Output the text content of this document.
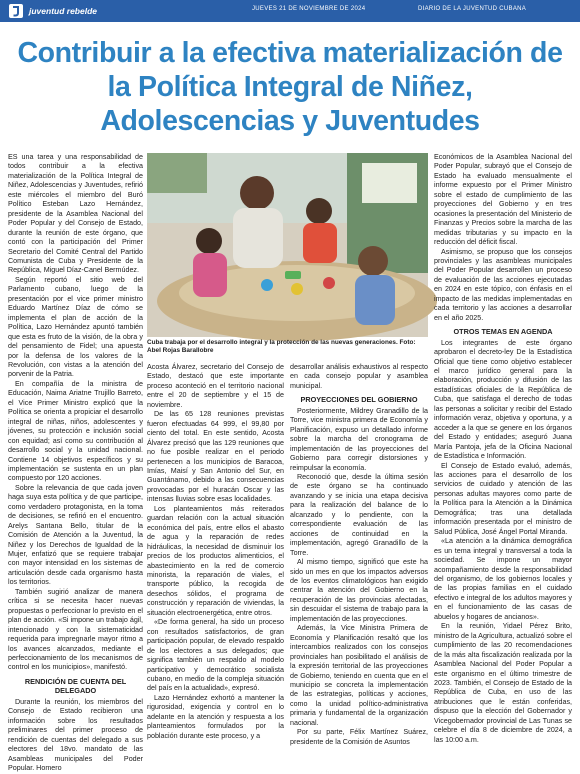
juventud rebelde	JUEVES 21 DE NOVIEMBRE DE 2024	DIARIO DE LA JUVENTUD CUBANA
Contribuir a la efectiva materialización de la Política Integral de Niñez, Adolescencias y Juventudes

ES una tarea y una responsabilidad de todos contribuir a la efectiva materialización de la Política Integral de Niñez, Adolescencias y Juventudes, refirió este miércoles el miembro del Buró Político Esteban Lazo Hernández, presidente de la Asamblea Nacional del Poder Popular y del Consejo de Estado, durante la reunión de este órgano, que contó con la participación del Primer Secretario del Comité Central del Partido Comunista de Cuba y Presidente de la República, Miguel Díaz-Canel Bermúdez.

Según reportó el sitio web del Parlamento cubano, luego de la presentación por el vice primer ministro Eduardo Martínez Díaz de cómo se implementa el plan de acción de la Política, Lazo Hernández apuntó también que esta es fruto de la visión, de la obra y del pensamiento de Fidel; una apuesta por la defensa de los valores de la Revolución, con vistas a la atención del porvenir de la Patria.

En compañía de la ministra de Educación, Naima Ariatne Trujillo Barreto, el Vice Primer Ministro explicó que la Política se orienta a propiciar el desarrollo integral de niñas, niños, adolescentes y jóvenes, su protección e inclusión social con equidad; así como su contribución al desarrollo social y la unidad nacional. Contiene 14 objetivos específicos y su implementación se sustenta en un plan compuesto por 120 acciones.

Sobre la relevancia de que cada joven haga suya esta política y de que participe, como verdadero protagonista, en la toma de decisiones, se refirió en el encuentro. Arelys Santana Bello, titular de la Comisión de Atención a la Juventud, la Niñez y los Derechos de Igualdad de la Mujer, enfatizó que se requiere trabajar con mayor intensidad en los sistemas de articulación desde cada organismo hasta los territorios.

También sugirió analizar de manera crítica si se necesita hacer nuevas propuestas o perfeccionar lo previsto en el plan de acción. «Si impone un trabajo ágil, intencionado y con la sistematicidad requerida para impregnarle mayor ritmo a los avances alcanzados, mediante el perfeccionamiento de los mecanismos de control en los municipios», manifestó.

RENDICIÓN DE CUENTA DEL DELEGADO

Durante la reunión, los miembros del Consejo de Estado recibieron una información sobre los resultados preliminares del primer proceso de rendición de cuentas del delegado a sus electores del 18vo. mandato de las Asambleas municipales del Poder Popular. Homero

Cuba trabaja por el desarrollo integral y la protección de las nuevas generaciones. Foto: Abel Rojas Barallobre

Acosta Álvarez, secretario del Consejo de Estado, destacó que este importante proceso aconteció en el territorio nacional entre el 20 de septiembre y el 15 de noviembre.

De las 65 128 reuniones previstas fueron efectuadas 64 999, el 99,80 por ciento del total. En este sentido, Acosta Álvarez precisó que las 129 reuniones que no fue posible realizar en el periodo pertenecen a los municipios de Baracoa, Imías, Maisí y San Antonio del Sur, en Guantánamo, debido a las consecuencias provocadas por el huracán Oscar y las intensas lluvias sobre esas localidades.

Los planteamientos más reiterados guardan relación con la actual situación económica del país, entre ellos el abasto de agua y la reparación de redes hidráulicas, la necesidad de disminuir los precios de los productos alimenticios, el abastecimiento en la red de comercio minorista, la reparación de viales, el transporte público, la recogida de desechos sólidos, el programa de construcción y reparación de viviendas, la situación electroenergética, entre otros.

«De forma general, ha sido un proceso con resultados satisfactorios, de gran participación popular, de elevado respaldo de los electores a sus delegados; que significa también un respaldo al modelo participativo y democrático socialista cubano, en medio de la compleja situación del país en la actualidad», expresó.

Lazo Hernández exhortó a mantener la rigurosidad, exigencia y control en lo adelante en la atención y respuesta a los planteamientos formulados por la población durante este proceso, y a

desarrollar análisis exhaustivos al respecto en cada consejo popular y asamblea municipal.

PROYECCIONES DEL GOBIERNO

Posteriormente, Mildrey Granadillo de la Torre, vice ministra primera de Economía y Planificación, expuso un detallado informe sobre la marcha del cronograma de implementación de las proyecciones del Gobierno para corregir distorsiones y reimpulsar la economía.

Reconoció que, desde la última sesión de este órgano se ha continuado avanzando y se inicia una etapa decisiva para la realización del balance de lo alcanzado y lo pendiente, con la correspondiente evaluación de las acciones de continuidad en la implementación, agregó Granadillo de la Torre.

Al mismo tiempo, significó que este ha sido un mes en que los impactos adversos de los eventos climatológicos han exigido centrar la atención del Gobierno en la recuperación de las provincias afectadas, sin descuidar el sistema de trabajo para la implementación de las proyecciones.

Además, la Vice Ministra Primera de Economía y Planificación resaltó que los intercambios realizados con los consejos provinciales han posibilitado el análisis de la expresión territorial de las proyecciones de Gobierno, teniendo en cuenta que en el municipio se concreta la implementación de las estrategias, políticas y acciones, como la unidad político-administrativa primaria y fundamental de la organización nacional.

Por su parte, Félix Martínez Suárez, presidente de la Comisión de Asuntos

Económicos de la Asamblea Nacional del Poder Popular, subrayó que el Consejo de Estado ha evaluado mensualmente el informe expuesto por el Primer Ministro sobre el estado de cumplimiento de las proyecciones del Gobierno y en tres ocasiones la presentación del Ministerio de Finanzas y Precios sobre la marcha de las medidas tributarias y su impacto en la reducción del déficit fiscal.

Asimismo, se propuso que los consejos provinciales y las asambleas municipales del Poder Popular desarrollen un proceso de evaluación de las acciones ejecutadas en 2024 en este tópico, con énfasis en el impacto de las medidas implementadas en cada territorio y las acciones a desarrollar en el año 2025.

OTROS TEMAS EN AGENDA

Los integrantes de este órgano aprobaron el decreto-ley De la Estadística Oficial que tiene como objetivo establecer el marco jurídico general para la elaboración, producción y difusión de las estadísticas oficiales de la República de Cuba, que satisfaga el derecho de todas las personas a solicitar y recibir del Estado información veraz, objetiva y oportuna, y a acceder a la que se genere en los órganos del Estado y entidades; aseguró Juana María Pantoja, jefa de la Oficina Nacional de Estadística e Información.

El Consejo de Estado evaluó, además, las acciones para el desarrollo de los servicios de cuidado y atención de las personas adultas mayores como parte de la Política para la Atención a la Dinámica Demográfica; tras una detallada información presentada por el ministro de Salud Pública, José Ángel Portal Miranda.

«La atención a la dinámica demográfica es un tema integral y transversal a toda la sociedad. Se impone un mayor acompañamiento desde la responsabilidad del organismo, de los gobiernos locales y de las propias familias en el cuidado efectivo e integral de los adultos mayores y en el funcionamiento de las casas de abuelos y hogares de ancianos».

En la reunión, Yidael Pérez Brito, ministro de la Agricultura, actualizó sobre el cumplimiento de las 20 recomendaciones de la más alta fiscalización realizada por la Asamblea Nacional del Poder Popular a este organismo en el último trimestre de 2023. También, el Consejo de Estado de la República de Cuba, en uso de las atribuciones que le están conferidas, dispuso que la elección del Gobernador y Vicegobernador provincial de Las Tunas se celebre el día 8 de diciembre de 2024, a las 10:00 a.m.
